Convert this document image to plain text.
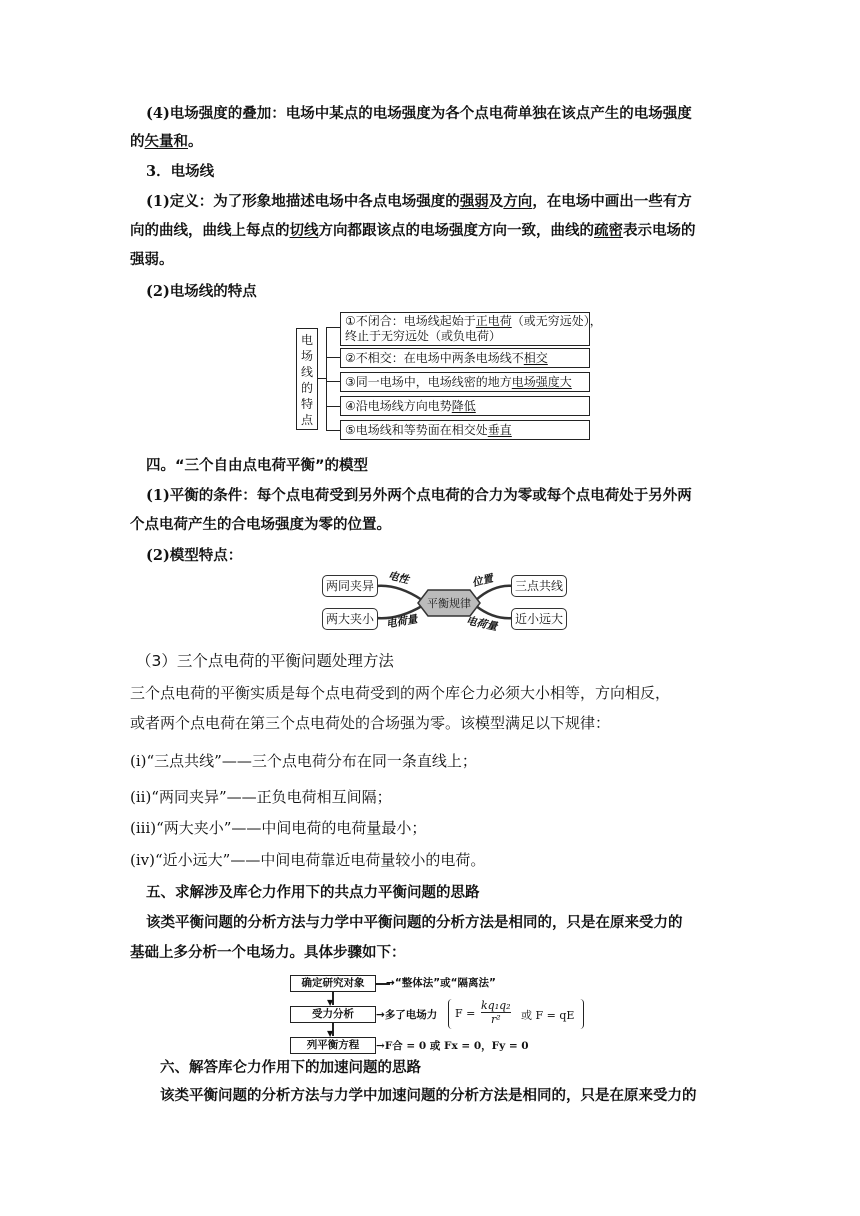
(4)电场强度的叠加：电场中某点的电场强度为各个点电荷单独在该点产生的电场强度
的矢量和。
3．电场线
(1)定义：为了形象地描述电场中各点电场强度的强弱及方向，在电场中画出一些有方
向的曲线，曲线上每点的切线方向都跟该点的电场强度方向一致，曲线的疏密表示电场的
强弱。
(2)电场线的特点
电
场
线
的
特
点
①不闭合：电场线起始于正电荷（或无穷远处），
终止于无穷远处（或负电荷）
②不相交：在电场中两条电场线不相交
③同一电场中，电场线密的地方电场强度大
④沿电场线方向电势降低
⑤电场线和等势面在相交处垂直
四。“三个自由点电荷平衡”的模型
(1)平衡的条件：每个点电荷受到另外两个点电荷的合力为零或每个点电荷处于另外两
个点电荷产生的合电场强度为零的位置。
(2)模型特点：
平衡规律
两同夹异
两大夹小
三点共线
近小远大
电性
电荷量
位置
电荷量
（3）三个点电荷的平衡问题处理方法
三个点电荷的平衡实质是每个点电荷受到的两个库仑力必须大小相等，方向相反，
或者两个点电荷在第三个点电荷处的合场强为零。该模型满足以下规律：
(i)“三点共线”——三个点电荷分布在同一条直线上；
(ii)“两同夹异”——正负电荷相互间隔；
(iii)“两大夹小”——中间电荷的电荷量最小；
(iv)“近小远大”——中间电荷靠近电荷量较小的电荷。
五、求解涉及库仑力作用下的共点力平衡问题的思路
该类平衡问题的分析方法与力学中平衡问题的分析方法是相同的，只是在原来受力的
基础上多分析一个电场力。具体步骤如下：
确定研究对象	→“整体法”或“隔离法”
▼
受力分析	→多了电场力 F =
kq₁q₂
r² 或 F = qE
▼
列平衡方程	→F合 = 0 或 Fx = 0，Fy = 0
六、解答库仑力作用下的加速问题的思路
该类平衡问题的分析方法与力学中加速问题的分析方法是相同的，只是在原来受力的
